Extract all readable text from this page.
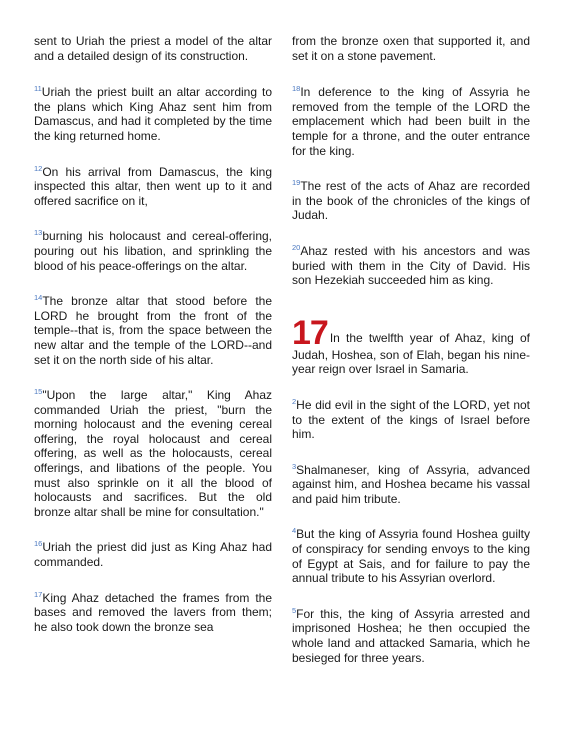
sent to Uriah the priest a model of the altar and a detailed design of its construction.

$^{11}$Uriah the priest built an altar according to the plans which King Ahaz sent him from Damascus, and had it completed by the time the king returned home.

$^{12}$On his arrival from Damascus, the king inspected this altar, then went up to it and offered sacrifice on it,

$^{13}$burning his holocaust and cereal-offering, pouring out his libation, and sprinkling the blood of his peace-offerings on the altar.

$^{14}$The bronze altar that stood before the LORD he brought from the front of the temple--that is, from the space between the new altar and the temple of the LORD--and set it on the north side of his altar.

$^{15}$"Upon the large altar," King Ahaz commanded Uriah the priest, "burn the morning holocaust and the evening cereal offering, the royal holocaust and cereal offering, as well as the holocausts, cereal offerings, and libations of the people. You must also sprinkle on it all the blood of holocausts and sacrifices. But the old bronze altar shall be mine for consultation."

$^{16}$Uriah the priest did just as King Ahaz had commanded.

$^{17}$King Ahaz detached the frames from the bases and removed the lavers from them; he also took down the bronze sea

from the bronze oxen that supported it, and set it on a stone pavement.

$^{18}$In deference to the king of Assyria he removed from the temple of the LORD the emplacement which had been built in the temple for a throne, and the outer entrance for the king.

$^{19}$The rest of the acts of Ahaz are recorded in the book of the chronicles of the kings of Judah.

$^{20}$Ahaz rested with his ancestors and was buried with them in the City of David. His son Hezekiah succeeded him as king.

17 In the twelfth year of Ahaz, king of Judah, Hoshea, son of Elah, began his nine-year reign over Israel in Samaria.

$^2$He did evil in the sight of the LORD, yet not to the extent of the kings of Israel before him.

$^3$Shalmaneser, king of Assyria, advanced against him, and Hoshea became his vassal and paid him tribute.

$^4$But the king of Assyria found Hoshea guilty of conspiracy for sending envoys to the king of Egypt at Sais, and for failure to pay the annual tribute to his Assyrian overlord.

$^5$For this, the king of Assyria arrested and imprisoned Hoshea; he then occupied the whole land and attacked Samaria, which he besieged for three years.
